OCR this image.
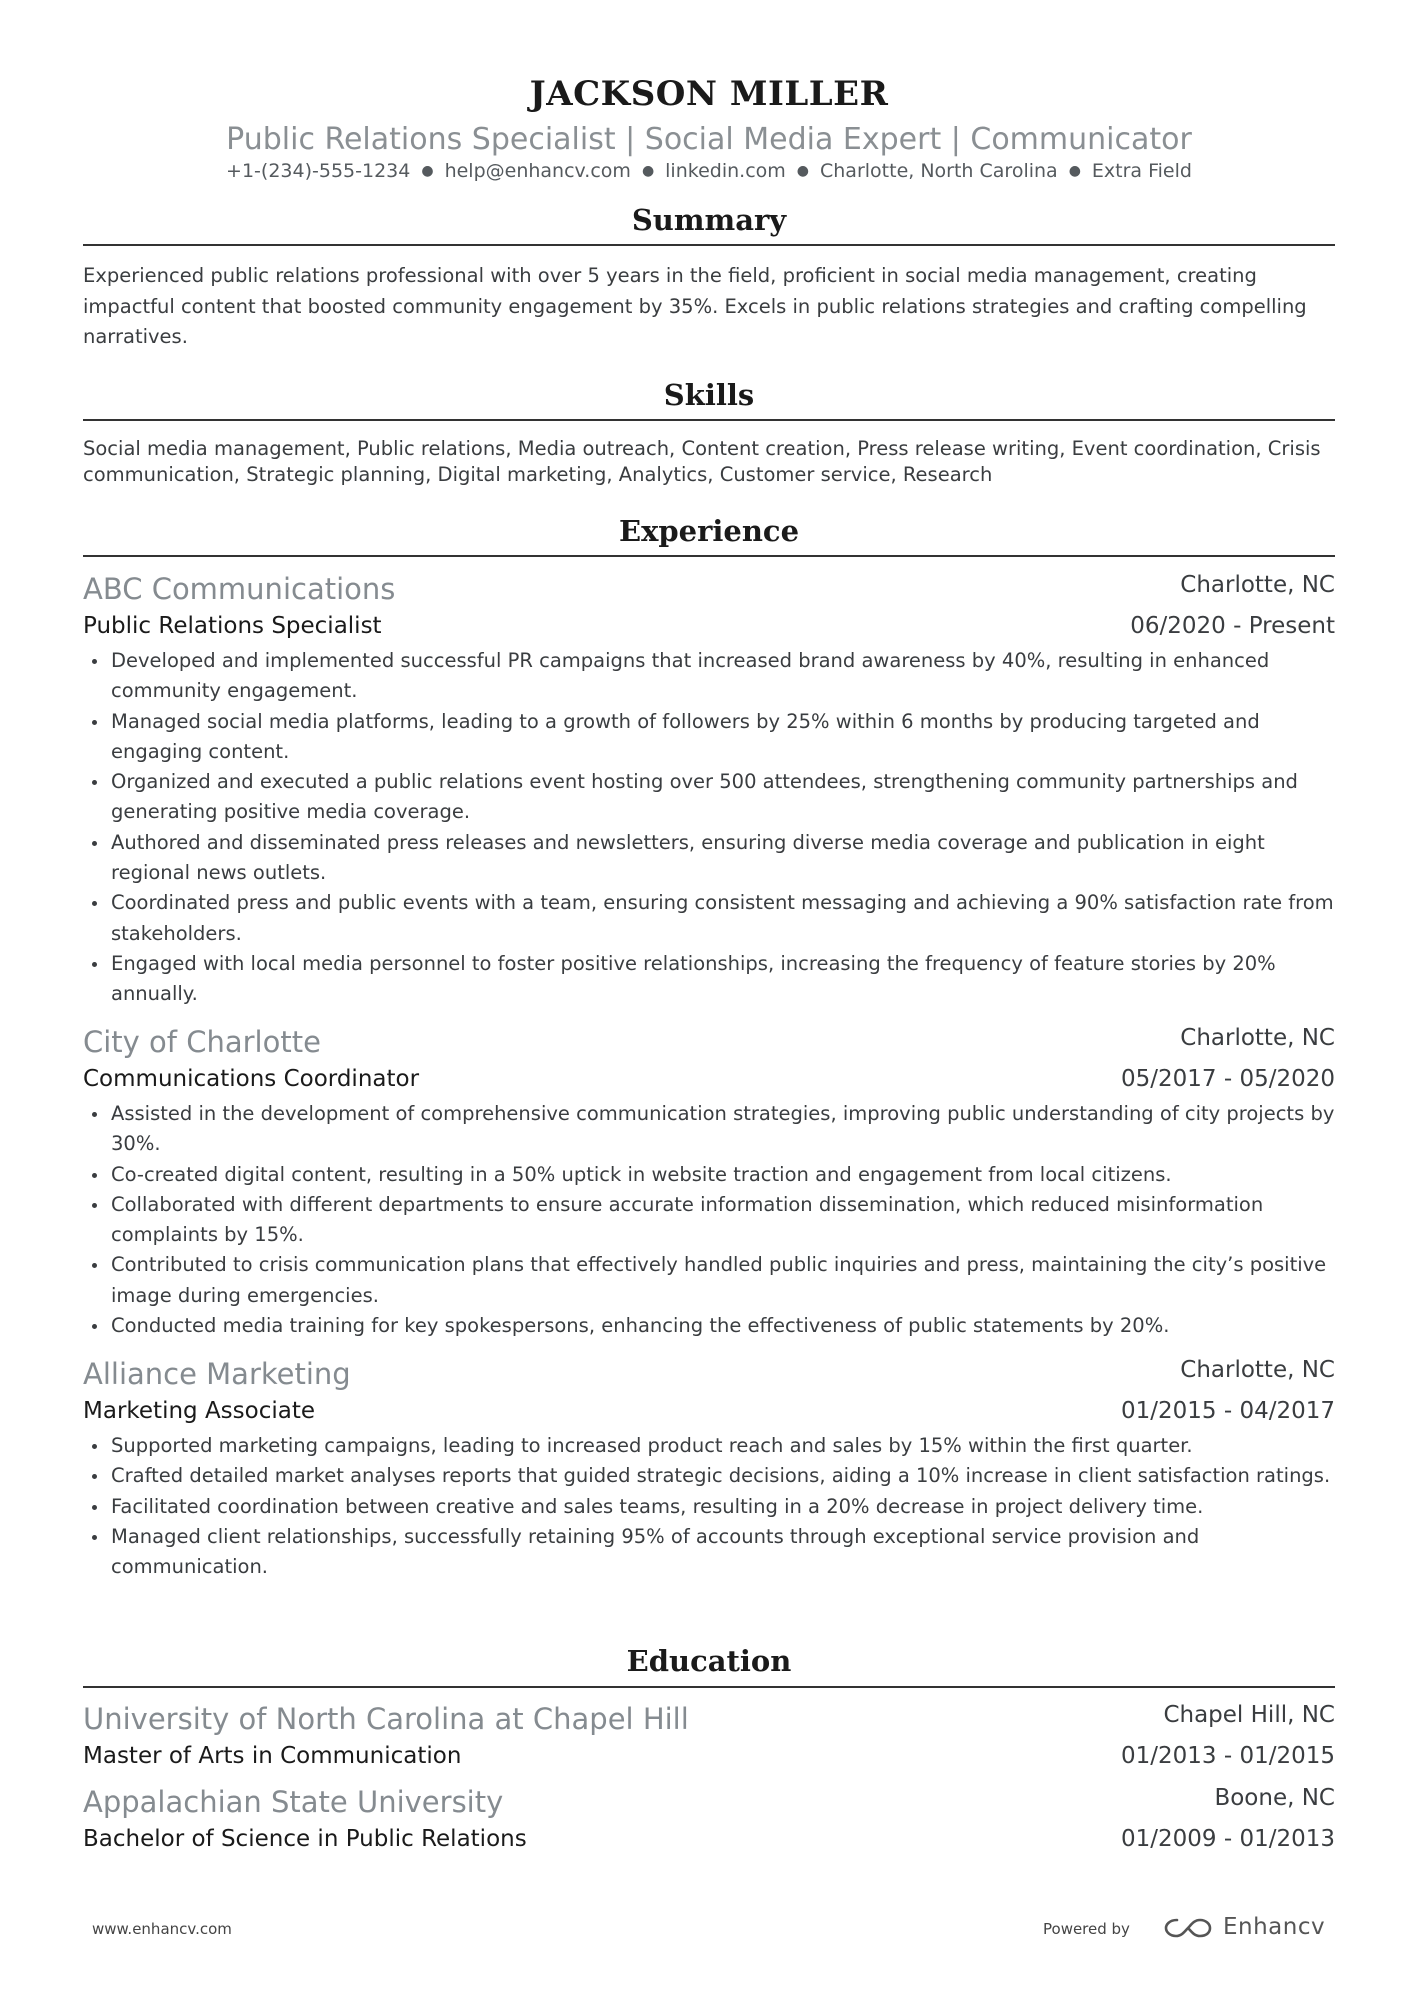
JACKSON MILLER
Public Relations Specialist | Social Media Expert | Communicator
+1-(234)-555-1234 ● help@enhancv.com ● linkedin.com ● Charlotte, North Carolina ● Extra Field
Summary
Experienced public relations professional with over 5 years in the field, proficient in social media management, creating impactful content that boosted community engagement by 35%. Excels in public relations strategies and crafting compelling narratives.
Skills
Social media management, Public relations, Media outreach, Content creation, Press release writing, Event coordination, Crisis communication, Strategic planning, Digital marketing, Analytics, Customer service, Research
Experience
ABC Communications	Charlotte, NC
Public Relations Specialist	06/2020 - Present
Developed and implemented successful PR campaigns that increased brand awareness by 40%, resulting in enhanced community engagement.
Managed social media platforms, leading to a growth of followers by 25% within 6 months by producing targeted and engaging content.
Organized and executed a public relations event hosting over 500 attendees, strengthening community partnerships and generating positive media coverage.
Authored and disseminated press releases and newsletters, ensuring diverse media coverage and publication in eight regional news outlets.
Coordinated press and public events with a team, ensuring consistent messaging and achieving a 90% satisfaction rate from stakeholders.
Engaged with local media personnel to foster positive relationships, increasing the frequency of feature stories by 20% annually.
City of Charlotte	Charlotte, NC
Communications Coordinator	05/2017 - 05/2020
Assisted in the development of comprehensive communication strategies, improving public understanding of city projects by 30%.
Co-created digital content, resulting in a 50% uptick in website traction and engagement from local citizens.
Collaborated with different departments to ensure accurate information dissemination, which reduced misinformation complaints by 15%.
Contributed to crisis communication plans that effectively handled public inquiries and press, maintaining the city’s positive image during emergencies.
Conducted media training for key spokespersons, enhancing the effectiveness of public statements by 20%.
Alliance Marketing	Charlotte, NC
Marketing Associate	01/2015 - 04/2017
Supported marketing campaigns, leading to increased product reach and sales by 15% within the first quarter.
Crafted detailed market analyses reports that guided strategic decisions, aiding a 10% increase in client satisfaction ratings.
Facilitated coordination between creative and sales teams, resulting in a 20% decrease in project delivery time.
Managed client relationships, successfully retaining 95% of accounts through exceptional service provision and communication.
Education
University of North Carolina at Chapel Hill	Chapel Hill, NC
Master of Arts in Communication	01/2013 - 01/2015
Appalachian State University	Boone, NC
Bachelor of Science in Public Relations	01/2009 - 01/2013
www.enhancv.com	Powered by	Enhancv
